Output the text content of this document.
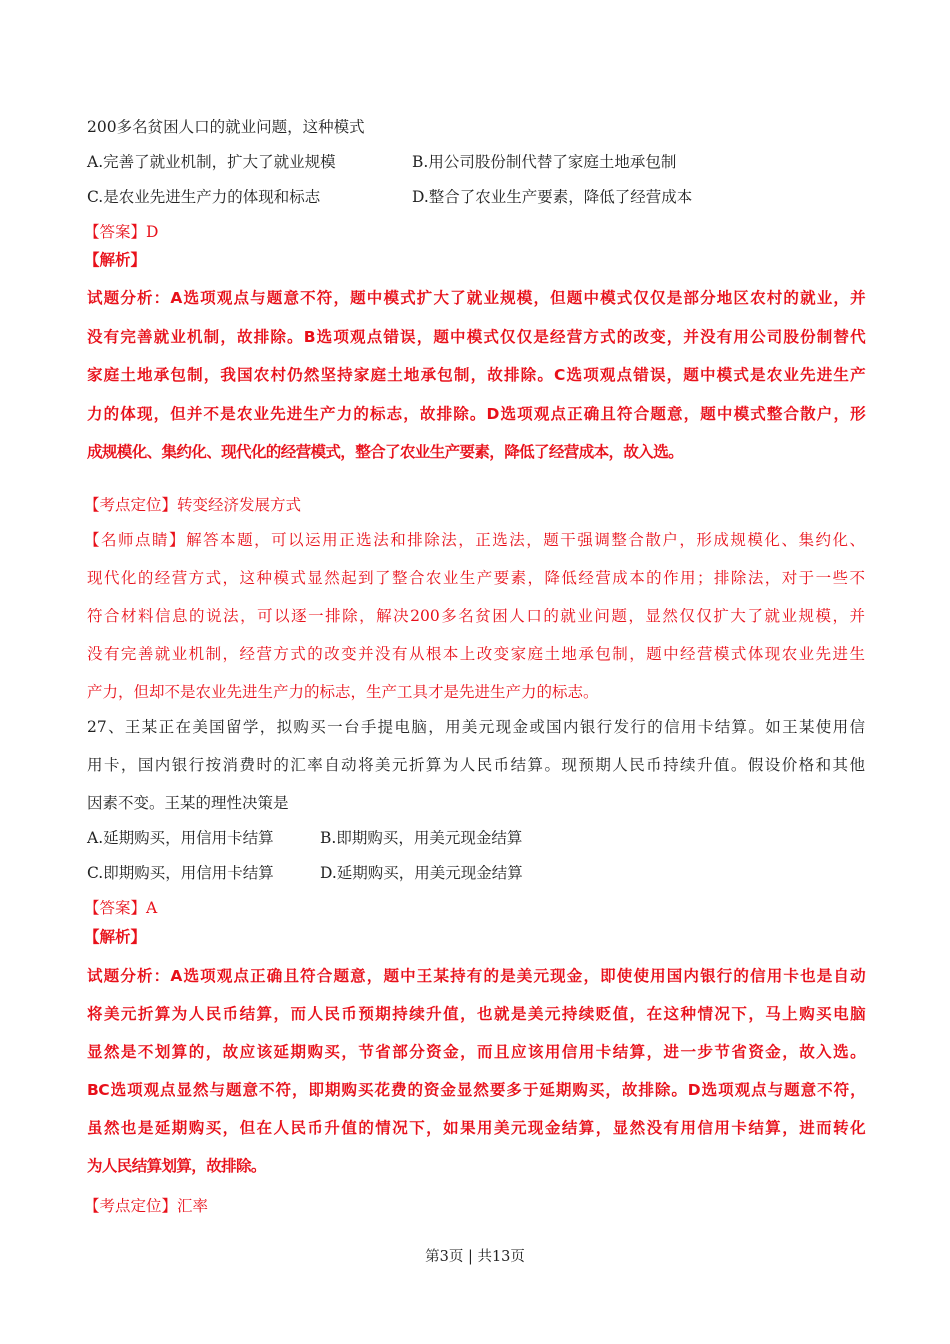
200多名贫困人口的就业问题，这种模式
A.完善了就业机制，扩大了就业规模	B.用公司股份制代替了家庭土地承包制
C.是农业先进生产力的体现和标志	D.整合了农业生产要素，降低了经营成本
【答案】D
【解析】
试题分析：A选项观点与题意不符，题中模式扩大了就业规模，但题中模式仅仅是部分地区农村的就业，并
没有完善就业机制，故排除。B选项观点错误，题中模式仅仅是经营方式的改变，并没有用公司股份制替代
家庭土地承包制，我国农村仍然坚持家庭土地承包制，故排除。C选项观点错误，题中模式是农业先进生产
力的体现，但并不是农业先进生产力的标志，故排除。D选项观点正确且符合题意，题中模式整合散户，形
成规模化、集约化、现代化的经营模式，整合了农业生产要素，降低了经营成本，故入选。
【考点定位】转变经济发展方式
【名师点睛】解答本题，可以运用正选法和排除法，正选法，题干强调整合散户，形成规模化、集约化、
现代化的经营方式，这种模式显然起到了整合农业生产要素，降低经营成本的作用；排除法，对于一些不
符合材料信息的说法，可以逐一排除，解决200多名贫困人口的就业问题，显然仅仅扩大了就业规模，并
没有完善就业机制，经营方式的改变并没有从根本上改变家庭土地承包制，题中经营模式体现农业先进生
产力，但却不是农业先进生产力的标志，生产工具才是先进生产力的标志。
27、王某正在美国留学，拟购买一台手提电脑，用美元现金或国内银行发行的信用卡结算。如王某使用信
用卡，国内银行按消费时的汇率自动将美元折算为人民币结算。现预期人民币持续升值。假设价格和其他
因素不变。王某的理性决策是
A.延期购买，用信用卡结算	B.即期购买，用美元现金结算
C.即期购买，用信用卡结算	D.延期购买，用美元现金结算
【答案】A
【解析】
试题分析：A选项观点正确且符合题意，题中王某持有的是美元现金，即使使用国内银行的信用卡也是自动
将美元折算为人民币结算，而人民币预期持续升值，也就是美元持续贬值，在这种情况下，马上购买电脑
显然是不划算的，故应该延期购买，节省部分资金，而且应该用信用卡结算，进一步节省资金，故入选。
BC选项观点显然与题意不符，即期购买花费的资金显然要多于延期购买，故排除。D选项观点与题意不符，
虽然也是延期购买，但在人民币升值的情况下，如果用美元现金结算，显然没有用信用卡结算，进而转化
为人民结算划算，故排除。
【考点定位】汇率
第3页 | 共13页
